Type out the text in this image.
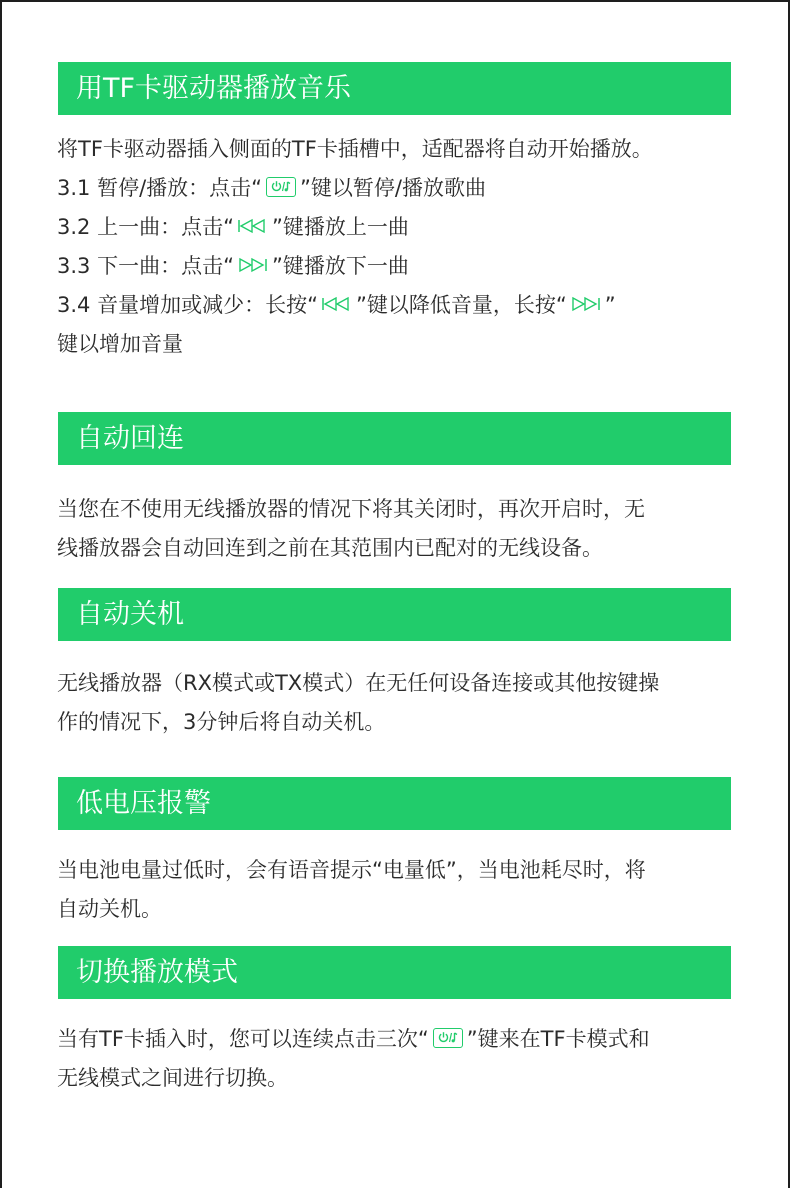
用TF卡驱动器播放音乐
将TF卡驱动器插入侧面的TF卡插槽中，适配器将自动开始播放。
3.1 暂停/播放：点击“ ”键以暂停/播放歌曲
3.2 上一曲：点击“ ”键播放上一曲
3.3 下一曲：点击“ ”键播放下一曲
3.4 音量增加或减少：长按“ ”键以降低音量，长按“ ”
键以增加音量
自动回连
当您在不使用无线播放器的情况下将其关闭时，再次开启时，无
线播放器会自动回连到之前在其范围内已配对的无线设备。
自动关机
无线播放器（RX模式或TX模式）在无任何设备连接或其他按键操
作的情况下，3分钟后将自动关机。
低电压报警
当电池电量过低时，会有语音提示“电量低”，当电池耗尽时，将
自动关机。
切换播放模式
当有TF卡插入时，您可以连续点击三次“ ”键来在TF卡模式和
无线模式之间进行切换。
